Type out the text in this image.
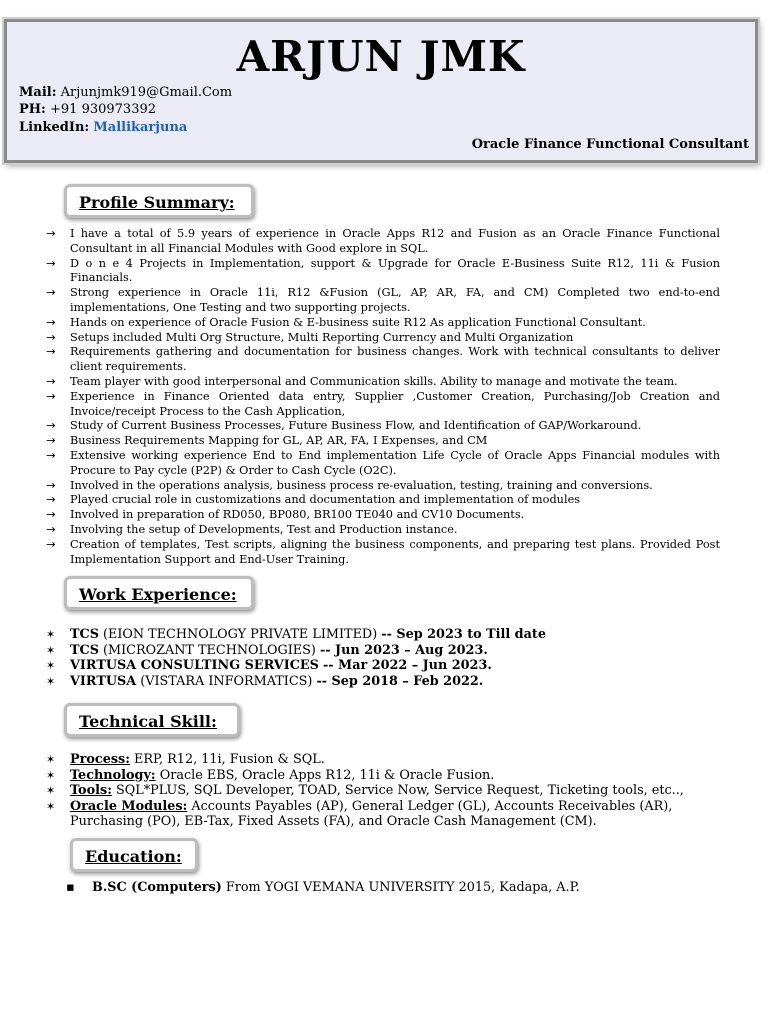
ARJUN JMK
Mail: Arjunjmk919@Gmail.Com
PH: +91 930973392
LinkedIn: Mallikarjuna
Oracle Finance Functional Consultant
Profile Summary:
→ I have a total of 5.9 years of experience in Oracle Apps R12 and Fusion as an Oracle Finance Functional Consultant in all Financial Modules with Good explore in SQL.
→ D o n e 4 Projects in Implementation, support & Upgrade for Oracle E-Business Suite R12, 11i & Fusion Financials.
→ Strong experience in Oracle 11i, R12 &Fusion (GL, AP, AR, FA, and CM) Completed two end-to-end implementations, One Testing and two supporting projects.
→ Hands on experience of Oracle Fusion & E-business suite R12 As application Functional Consultant.
→ Setups included Multi Org Structure, Multi Reporting Currency and Multi Organization
→ Requirements gathering and documentation for business changes. Work with technical consultants to deliver client requirements.
→ Team player with good interpersonal and Communication skills. Ability to manage and motivate the team.
→ Experience in Finance Oriented data entry, Supplier ,Customer Creation, Purchasing/Job Creation and Invoice/receipt Process to the Cash Application,
→ Study of Current Business Processes, Future Business Flow, and Identification of GAP/Workaround.
→ Business Requirements Mapping for GL, AP, AR, FA, I Expenses, and CM
→ Extensive working experience End to End implementation Life Cycle of Oracle Apps Financial modules with Procure to Pay cycle (P2P) & Order to Cash Cycle (O2C).
→ Involved in the operations analysis, business process re-evaluation, testing, training and conversions.
→ Played crucial role in customizations and documentation and implementation of modules
→ Involved in preparation of RD050, BP080, BR100 TE040 and CV10 Documents.
→ Involving the setup of Developments, Test and Production instance.
→ Creation of templates, Test scripts, aligning the business components, and preparing test plans. Provided Post Implementation Support and End-User Training.
Work Experience:
✶ TCS (EION TECHNOLOGY PRIVATE LIMITED) -- Sep 2023 to Till date
✶ TCS (MICROZANT TECHNOLOGIES) -- Jun 2023 – Aug 2023.
✶ VIRTUSA CONSULTING SERVICES -- Mar 2022 – Jun 2023.
✶ VIRTUSA (VISTARA INFORMATICS) -- Sep 2018 – Feb 2022.
Technical Skill:
✶ Process: ERP, R12, 11i, Fusion & SQL.
✶ Technology: Oracle EBS, Oracle Apps R12, 11i & Oracle Fusion.
✶ Tools: SQL*PLUS, SQL Developer, TOAD, Service Now, Service Request, Ticketing tools, etc..,
✶ Oracle Modules: Accounts Payables (AP), General Ledger (GL), Accounts Receivables (AR), Purchasing (PO), EB-Tax, Fixed Assets (FA), and Oracle Cash Management (CM).
Education:
▪ B.SC (Computers) From YOGI VEMANA UNIVERSITY 2015, Kadapa, A.P.
